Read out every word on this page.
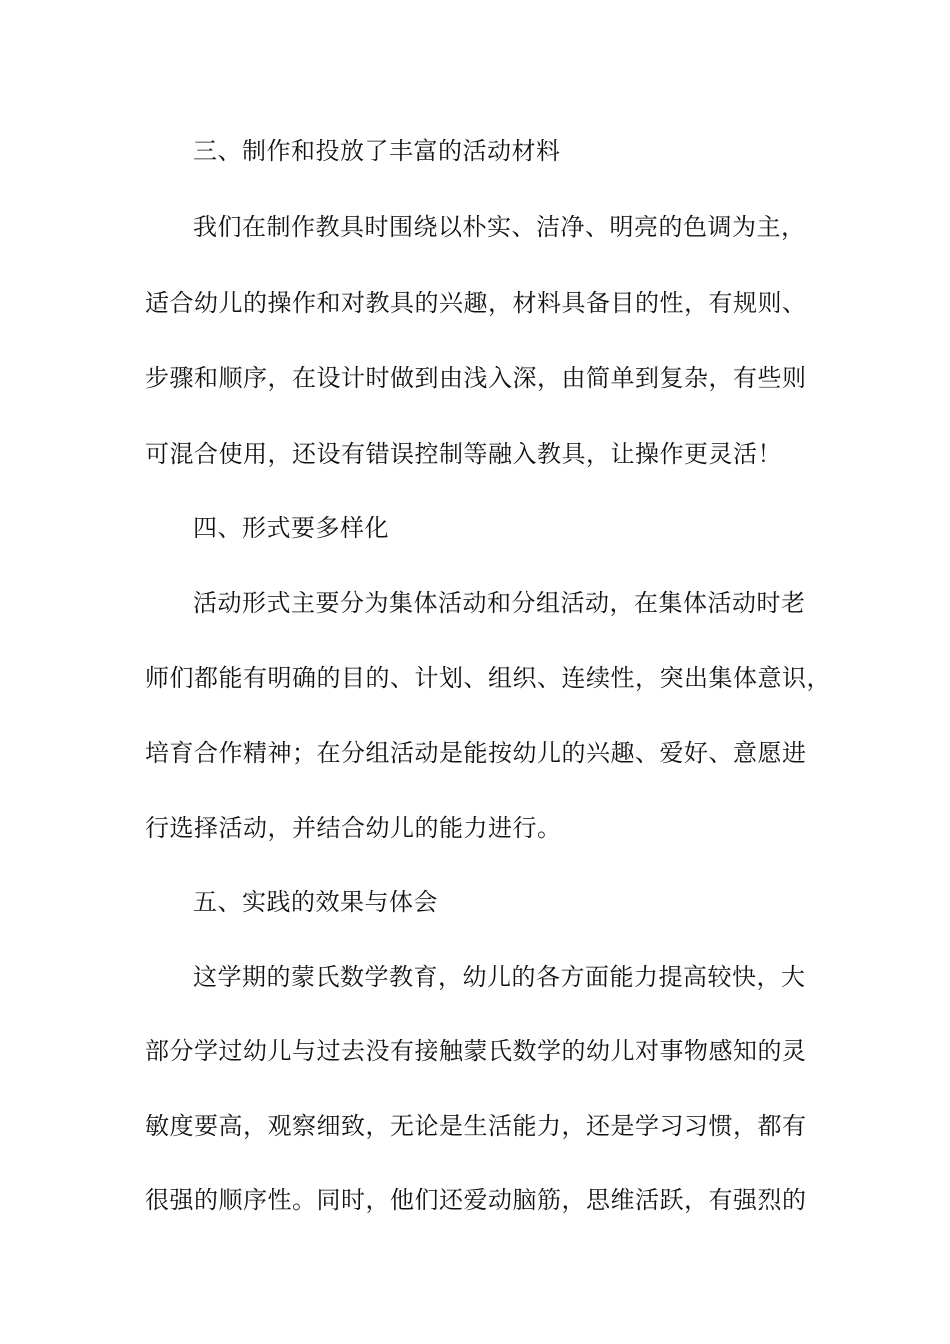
三、制作和投放了丰富的活动材料
我们在制作教具时围绕以朴实、洁净、明亮的色调为主，
适合幼儿的操作和对教具的兴趣，材料具备目的性，有规则、
步骤和顺序，在设计时做到由浅入深，由简单到复杂，有些则
可混合使用，还设有错误控制等融入教具，让操作更灵活！
四、形式要多样化
活动形式主要分为集体活动和分组活动，在集体活动时老
师们都能有明确的目的、计划、组织、连续性，突出集体意识，
培育合作精神；在分组活动是能按幼儿的兴趣、爱好、意愿进
行选择活动，并结合幼儿的能力进行。
五、实践的效果与体会
这学期的蒙氏数学教育，幼儿的各方面能力提高较快，大
部分学过幼儿与过去没有接触蒙氏数学的幼儿对事物感知的灵
敏度要高，观察细致，无论是生活能力，还是学习习惯，都有
很强的顺序性。同时，他们还爱动脑筋，思维活跃，有强烈的
